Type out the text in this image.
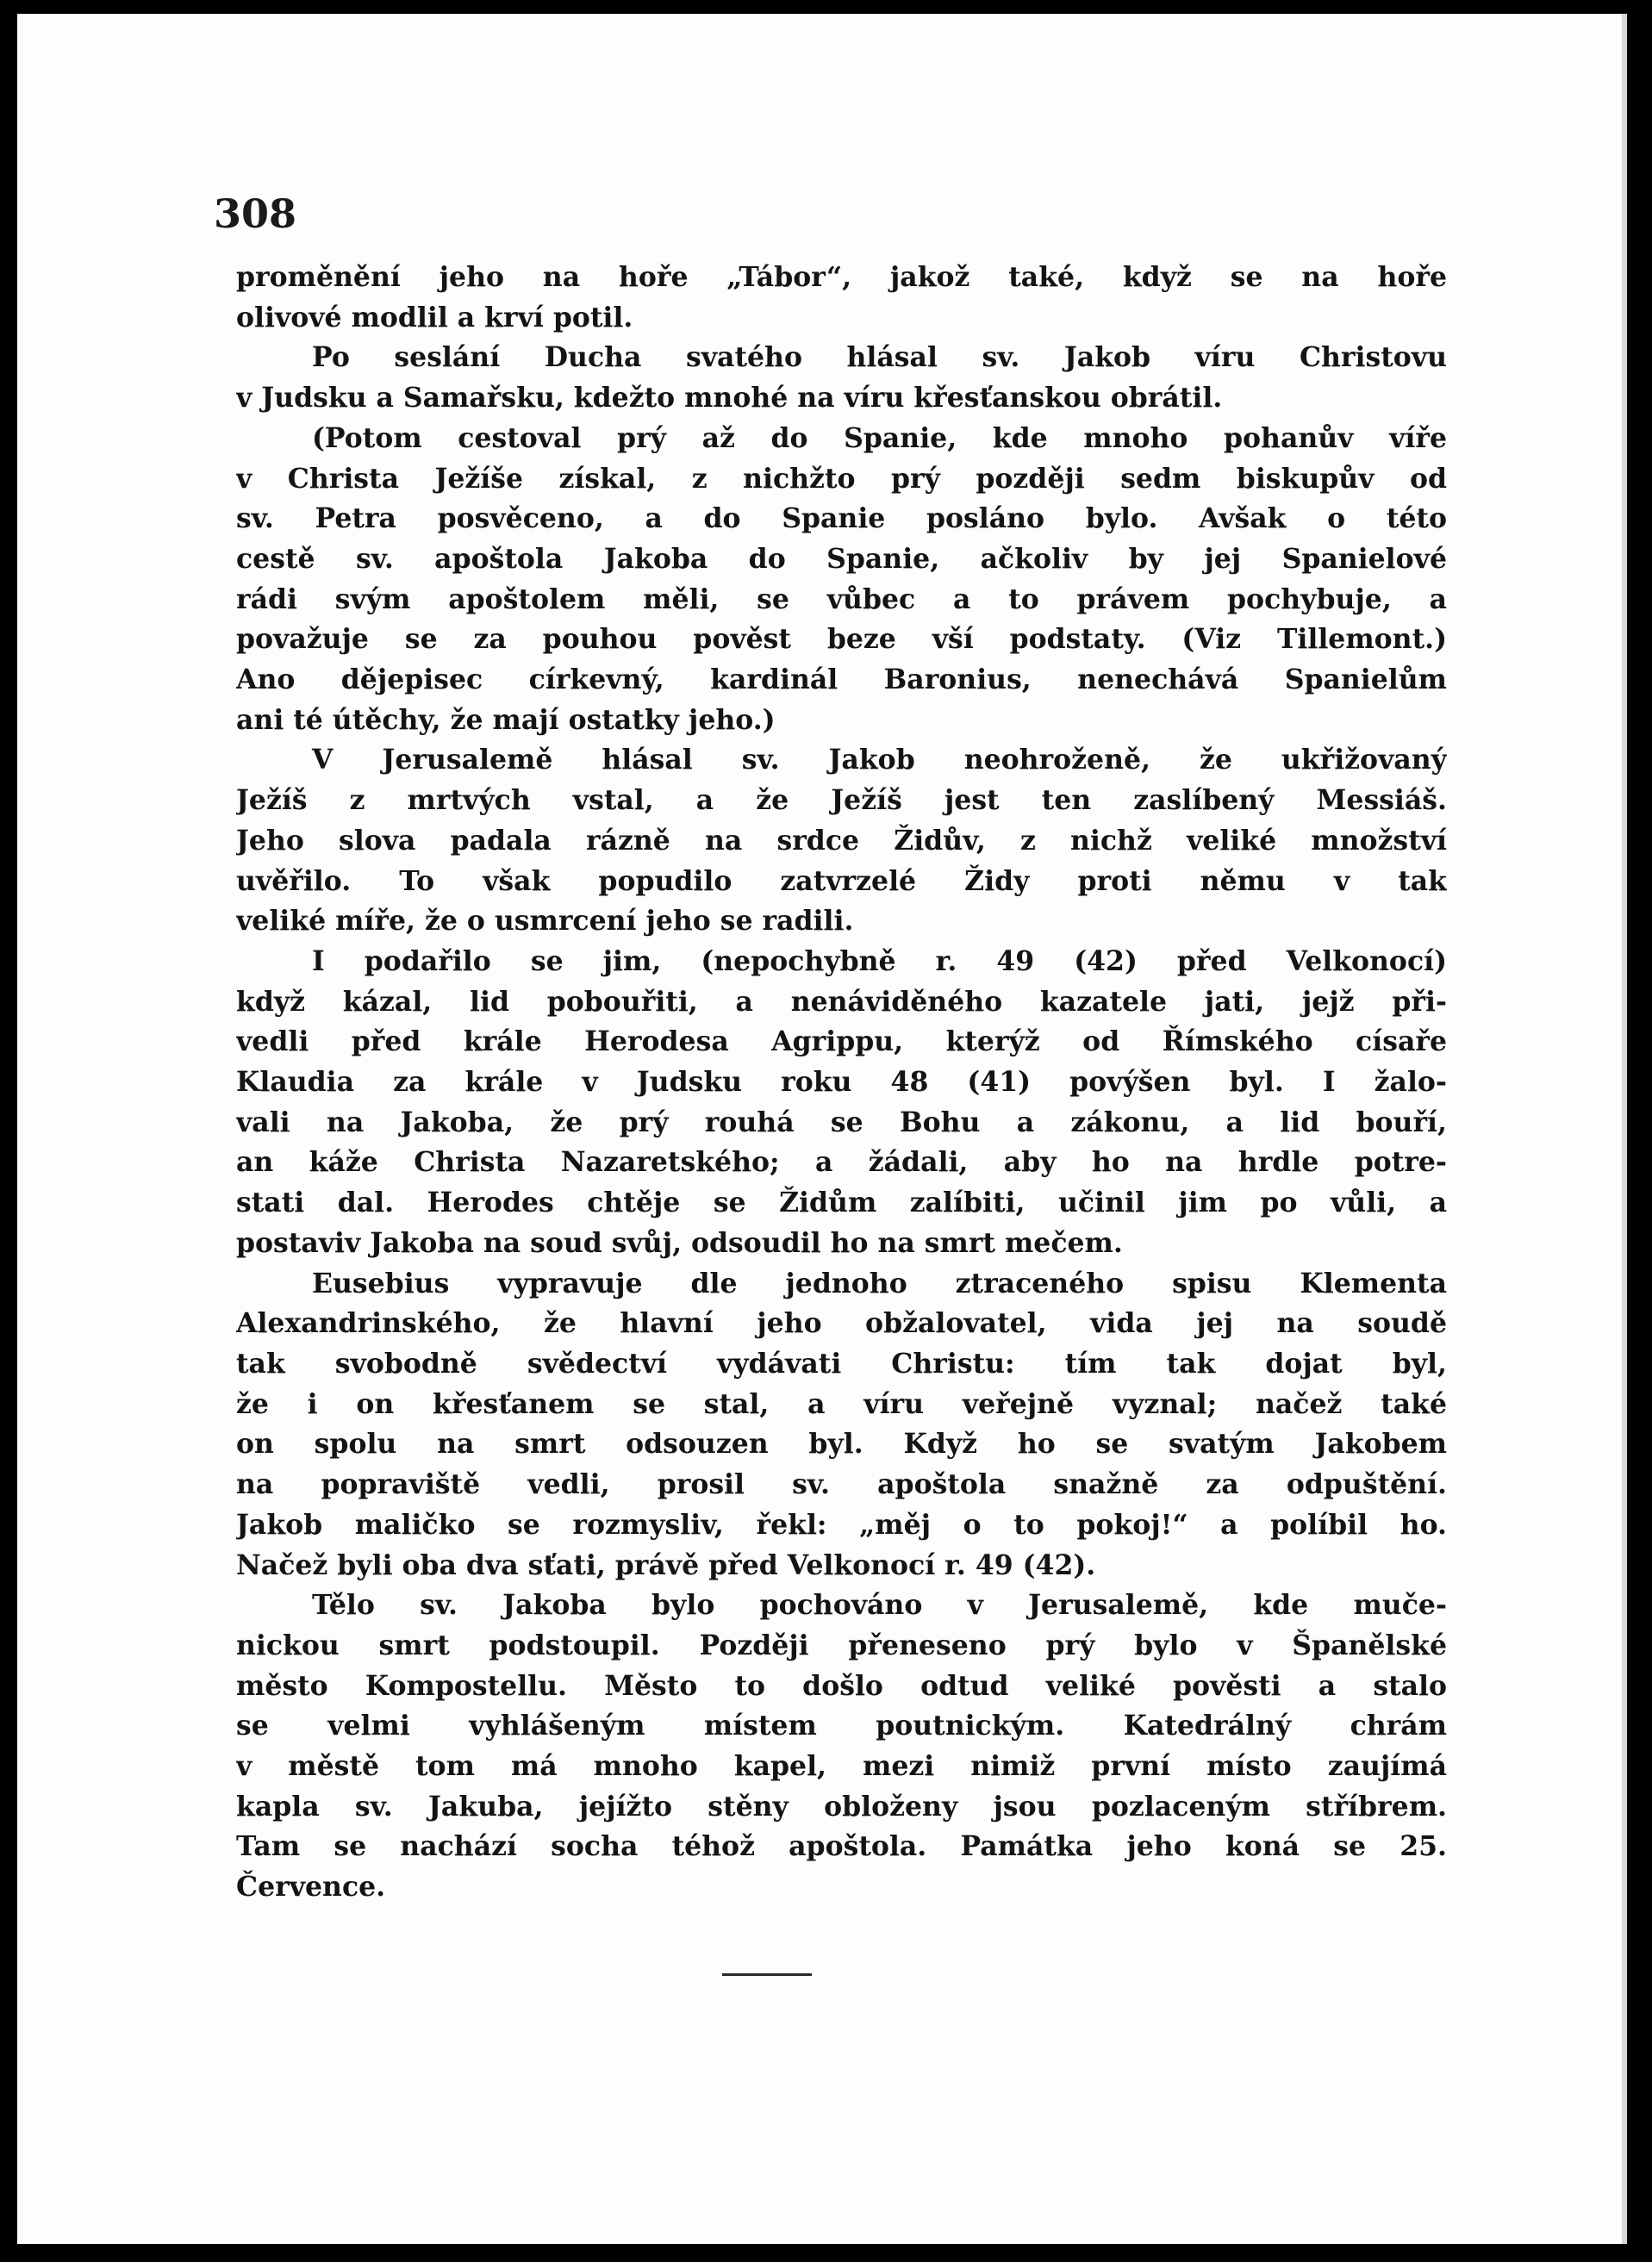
308

proměnění jeho na hoře „Tábor“, jakož také, když se na hoře
olivové modlil a krví potil.
Po seslání Ducha svatého hlásal sv. Jakob víru Christovu
v Judsku a Samařsku, kdežto mnohé na víru křesťanskou obrátil.
(Potom cestoval prý až do Spanie, kde mnoho pohanův víře
v Christa Ježíše získal, z nichžto prý později sedm biskupův od
sv. Petra posvěceno, a do Spanie posláno bylo. Avšak o této
cestě sv. apoštola Jakoba do Spanie, ačkoliv by jej Spanielové
rádi svým apoštolem měli, se vůbec a to právem pochybuje, a
považuje se za pouhou pověst beze vší podstaty. (Viz Tillemont.)
Ano dějepisec církevný, kardinál Baronius, nenechává Spanielům
ani té útěchy, že mají ostatky jeho.)
V Jerusalemě hlásal sv. Jakob neohroženě, že ukřižovaný
Ježíš z mrtvých vstal, a že Ježíš jest ten zaslíbený Messiáš.
Jeho slova padala rázně na srdce Židův, z nichž veliké množství
uvěřilo. To však popudilo zatvrzelé Židy proti němu v tak
veliké míře, že o usmrcení jeho se radili.
I podařilo se jim, (nepochybně r. 49 (42) před Velkonocí)
když kázal, lid pobouřiti, a nenáviděného kazatele jati, jejž při-
vedli před krále Herodesa Agrippu, kterýž od Římského císaře
Klaudia za krále v Judsku roku 48 (41) povýšen byl. I žalo-
vali na Jakoba, že prý rouhá se Bohu a zákonu, a lid bouří,
an káže Christa Nazaretského; a žádali, aby ho na hrdle potre-
stati dal. Herodes chtěje se Židům zalíbiti, učinil jim po vůli, a
postaviv Jakoba na soud svůj, odsoudil ho na smrt mečem.
Eusebius vypravuje dle jednoho ztraceného spisu Klementa
Alexandrinského, že hlavní jeho obžalovatel, vida jej na soudě
tak svobodně svědectví vydávati Christu: tím tak dojat byl,
že i on křesťanem se stal, a víru veřejně vyznal; načež také
on spolu na smrt odsouzen byl. Když ho se svatým Jakobem
na popraviště vedli, prosil sv. apoštola snažně za odpuštění.
Jakob maličko se rozmysliv, řekl: „měj o to pokoj!“ a políbil ho.
Načež byli oba dva sťati, právě před Velkonocí r. 49 (42).
Tělo sv. Jakoba bylo pochováno v Jerusalemě, kde muče-
nickou smrt podstoupil. Později přeneseno prý bylo v Španělské
město Kompostellu. Město to došlo odtud veliké pověsti a stalo
se velmi vyhlášeným místem poutnickým. Katedrálný chrám
v městě tom má mnoho kapel, mezi nimiž první místo zaujímá
kapla sv. Jakuba, jejížto stěny obloženy jsou pozlaceným stříbrem.
Tam se nachází socha téhož apoštola. Památka jeho koná se 25.
Července.
